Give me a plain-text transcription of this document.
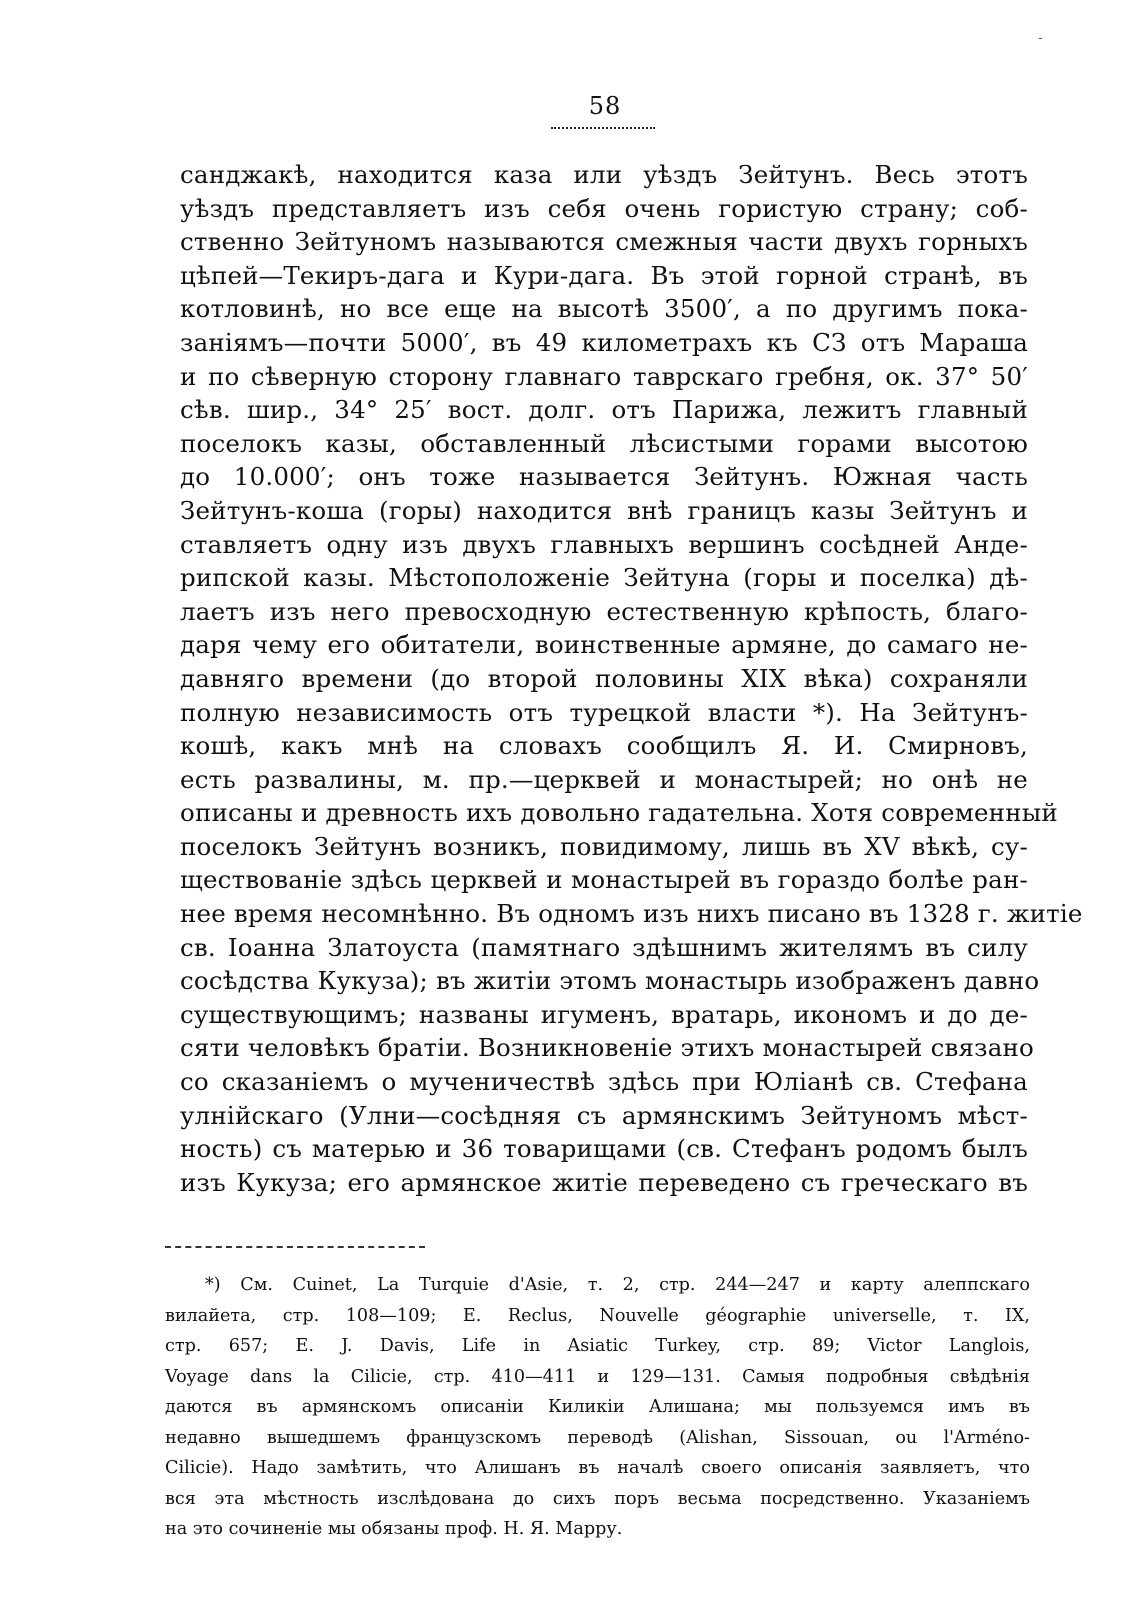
-
58
санджакѣ, находится каза или уѣздъ Зейтунъ. Весь этотъ
уѣздъ представляетъ изъ себя очень гористую страну; соб-
ственно Зейтуномъ называются смежныя части двухъ горныхъ
цѣпей—Текиръ-дага и Кури-дага. Въ этой горной странѣ, въ
котловинѣ, но все еще на высотѣ 3500′, а по другимъ пока-
заніямъ—почти 5000′, въ 49 километрахъ къ СЗ отъ Мараша
и по сѣверную сторону главнаго таврскаго гребня, ок. 37° 50′
сѣв. шир., 34° 25′ вост. долг. отъ Парижа, лежитъ главный
поселокъ казы, обставленный лѣсистыми горами высотою
до 10.000′; онъ тоже называется Зейтунъ. Южная часть
Зейтунъ-коша (горы) находится внѣ границъ казы Зейтунъ и
ставляетъ одну изъ двухъ главныхъ вершинъ сосѣдней Андe-
рипской казы. Мѣстоположеніе Зейтуна (горы и поселка) дѣ-
лаетъ изъ него превосходную естественную крѣпость, благо-
даря чему его обитатели, воинственные армяне, до самаго не-
давняго времени (до второй половины XIX вѣка) сохраняли
полную независимость отъ турецкой власти *). На Зейтунъ-
кошѣ, какъ мнѣ на словахъ сообщилъ Я. И. Смирновъ,
есть развалины, м. пр.—церквей и монастырей; но онѣ не
описаны и древность ихъ довольно гадательна. Хотя современный
поселокъ Зейтунъ возникъ, повидимому, лишь въ XV вѣкѣ, су-
ществованіе здѣсь церквей и монастырей въ гораздо болѣе ран-
нее время несомнѣнно. Въ одномъ изъ нихъ писано въ 1328 г. житіе
св. Іоанна Златоуста (памятнаго здѣшнимъ жителямъ въ силу
сосѣдства Кукуза); въ житіи этомъ монастырь изображенъ давно
существующимъ; названы игуменъ, вратарь, икономъ и до де-
сяти человѣкъ братіи. Возникновеніе этихъ монастырей связано
со сказаніемъ о мученичествѣ здѣсь при Юліанѣ св. Стефана
улнійскаго (Улни—сосѣдняя съ армянскимъ Зейтуномъ мѣст-
ность) съ матерью и 36 товарищами (св. Стефанъ родомъ былъ
изъ Кукуза; его армянское житіе переведено съ греческаго въ
*) См. Cuinet, La Turquie d'Asie, т. 2, стр. 244—247 и карту алеппскаго
вилайета, стр. 108—109; E. Reclus, Nouvelle géographie universelle, т. IX,
стр. 657; E. J. Davis, Life in Asiatic Turkey, стр. 89; Victor Langlois,
Voyage dans la Cilicie, стр. 410—411 и 129—131. Самыя подробныя свѣдѣнія
даются въ армянскомъ описаніи Киликіи Алишана; мы пользуемся имъ въ
недавно вышедшемъ французскомъ переводѣ (Alishan, Sissouan, ou l'Arméno-
Cilicie). Надо замѣтить, что Алишанъ въ началѣ своего описанія заявляетъ, что
вся эта мѣстность изслѣдована до сихъ поръ весьма посредственно. Указаніемъ
на это сочиненіе мы обязаны проф. Н. Я. Марру.
